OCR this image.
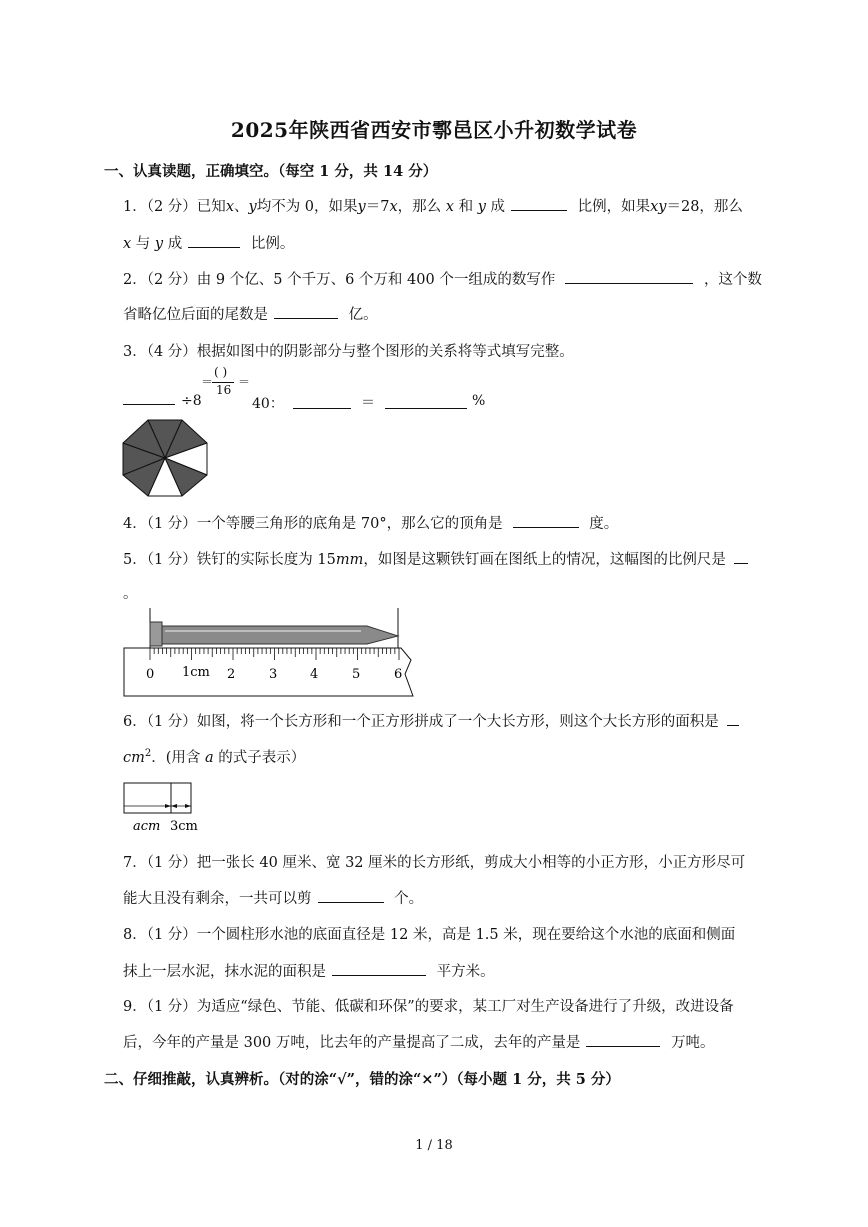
2025年陕西省西安市鄠邑区小升初数学试卷
一、认真读题，正确填空。（每空 1 分，共 14 分）
1．（2 分）已知x、y均不为 0，如果y＝7x，那么 x 和 y 成	比例，如果xy＝28，那么
x 与 y 成	比例。
2．（2 分）由 9 个亿、5 个千万、6 个万和 400 个一组成的数写作	，这个数
省略亿位后面的尾数是	亿。
3．（4 分）根据如图中的阴影部分与整个图形的关系将等式填写完整。
÷8
＝
( )
16
＝
40：	＝	%
4．（1 分）一个等腰三角形的底角是 70°，那么它的顶角是	度。
5．（1 分）铁钉的实际长度为 15mm，如图是这颗铁钉画在图纸上的情况，这幅图的比例尺是
。
0 1cm 2	3	4	5	6
6．（1 分）如图，将一个长方形和一个正方形拼成了一个大长方形，则这个大长方形的面积是
$cm^2$．(用含 a 的式子表示）
acm 3cm
7．（1 分）把一张长 40 厘米、宽 32 厘米的长方形纸，剪成大小相等的小正方形，小正方形尽可
能大且没有剩余，一共可以剪	个。
8．（1 分）一个圆柱形水池的底面直径是 12 米，高是 1.5 米，现在要给这个水池的底面和侧面
抹上一层水泥，抹水泥的面积是	平方米。
9．（1 分）为适应“绿色、节能、低碳和环保”的要求，某工厂对生产设备进行了升级，改进设备
后，今年的产量是 300 万吨，比去年的产量提高了二成，去年的产量是	万吨。
二、仔细推敲，认真辨析。（对的涂“√”，错的涂“×”）（每小题 1 分，共 5 分）
1 / 18
